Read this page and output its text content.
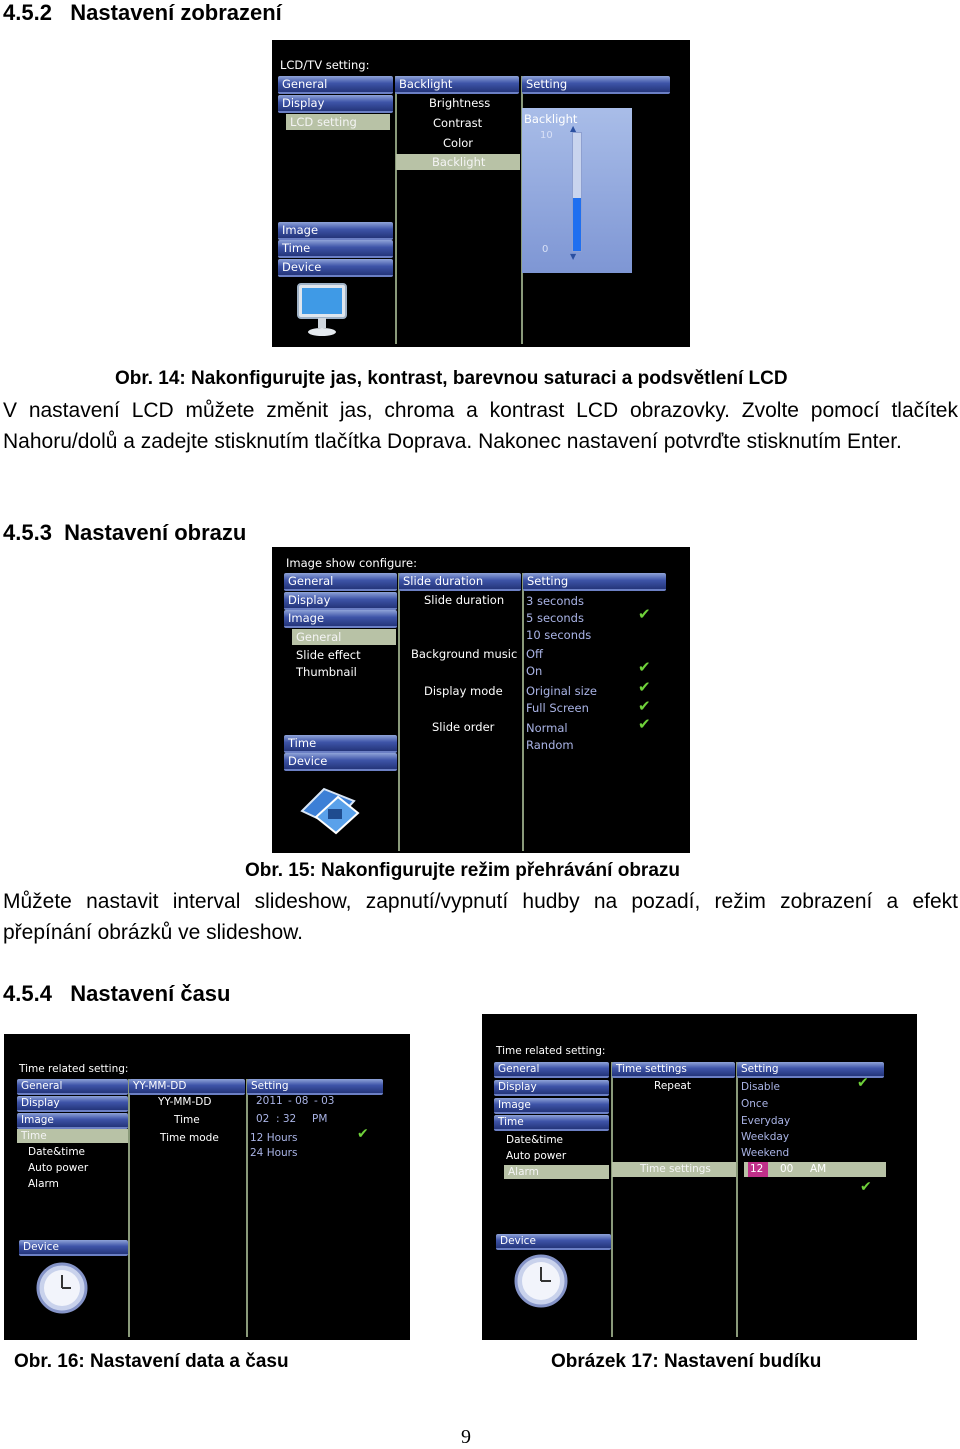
4.5.2 Nastavení zobrazení
LCD/TV setting:
General
Display
LCD setting
Image
Time
Device
Backlight
Brightness
Contrast
Color
Backlight
Setting
Backlight
10
0
▲
▼
Obr. 14: Nakonfigurujte jas, kontrast, barevnou saturaci a podsvětlení LCD
V nastavení LCD můžete změnit jas, chroma a kontrast LCD obrazovky. Zvolte pomocí tlačítek Nahoru/dolů a zadejte stisknutím tlačítka Doprava. Nakonec nastavení potvrďte stisknutím Enter.
4.5.3 Nastavení obrazu
Image show configure:
General
Display
Image
General
Slide effect
Thumbnail
Time
Device
Slide duration
Slide duration
Background music
Display mode
Slide order
Setting
3 seconds
5 seconds	✔
10 seconds
Off
On	✔
Original size	✔
Full Screen	✔
Normal	✔
Random
Obr. 15: Nakonfigurujte režim přehrávání obrazu
Můžete nastavit interval slideshow, zapnutí/vypnutí hudby na pozadí, režim zobrazení a efekt přepínání obrázků ve slideshow.
4.5.4 Nastavení času
Time related setting:
General
Display
Image
Time
Date&time
Auto power
Alarm
Device
YY-MM-DD
YY-MM-DD
Time
Time mode
Setting
2011 - 08 - 03
02 : 32 PM
12 Hours	✔
24 Hours
Time related setting:
General
Display
Image
Time
Date&time
Auto power
Alarm
Device
Time settings
Repeat
Time settings
Setting
Disable	✔
Once
Everyday
Weekday
Weekend
12 00 AM
✔
Obr. 16: Nastavení data a času	Obrázek 17: Nastavení budíku
9
